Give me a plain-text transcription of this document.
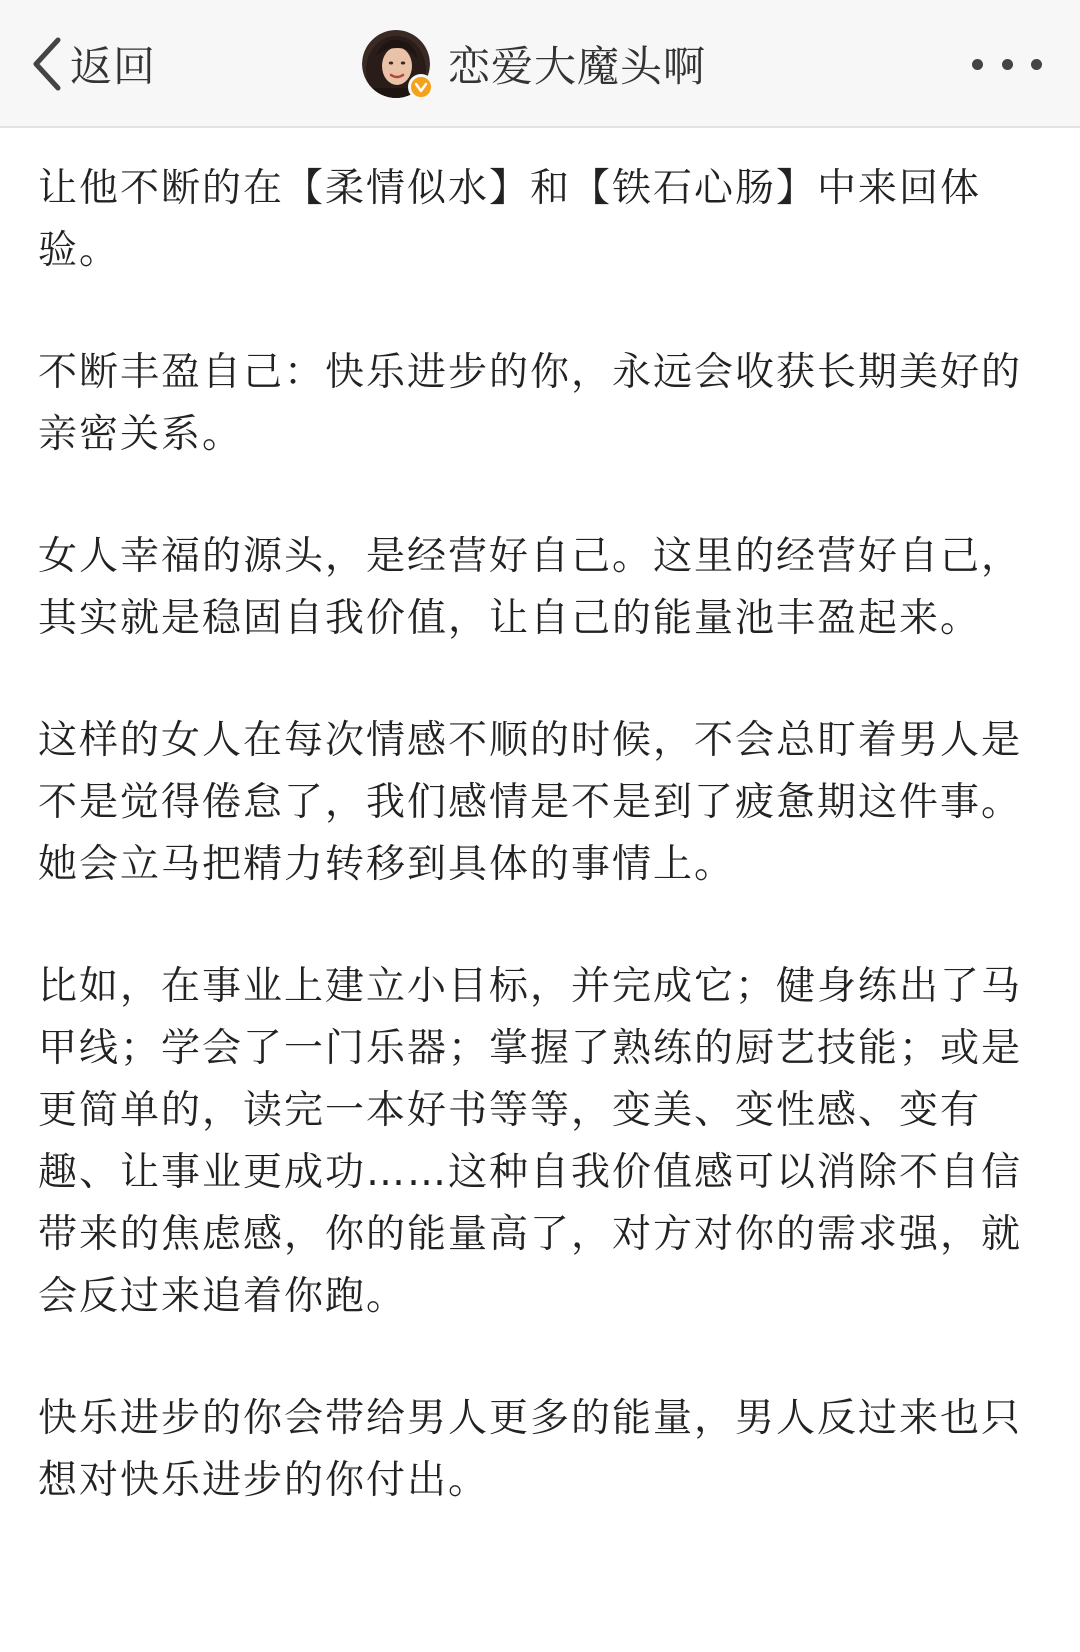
返回	恋爱大魔头啊

让他不断的在【柔情似水】和【铁石心肠】中来回体验。

不断丰盈自己：快乐进步的你，永远会收获长期美好的亲密关系。

女人幸福的源头，是经营好自己。这里的经营好自己，其实就是稳固自我价值，让自己的能量池丰盈起来。

这样的女人在每次情感不顺的时候，不会总盯着男人是不是觉得倦怠了，我们感情是不是到了疲惫期这件事。她会立马把精力转移到具体的事情上。

比如，在事业上建立小目标，并完成它；健身练出了马甲线；学会了一门乐器；掌握了熟练的厨艺技能；或是更简单的，读完一本好书等等，变美、变性感、变有趣、让事业更成功……这种自我价值感可以消除不自信带来的焦虑感，你的能量高了，对方对你的需求强，就会反过来追着你跑。

快乐进步的你会带给男人更多的能量，男人反过来也只想对快乐进步的你付出。
